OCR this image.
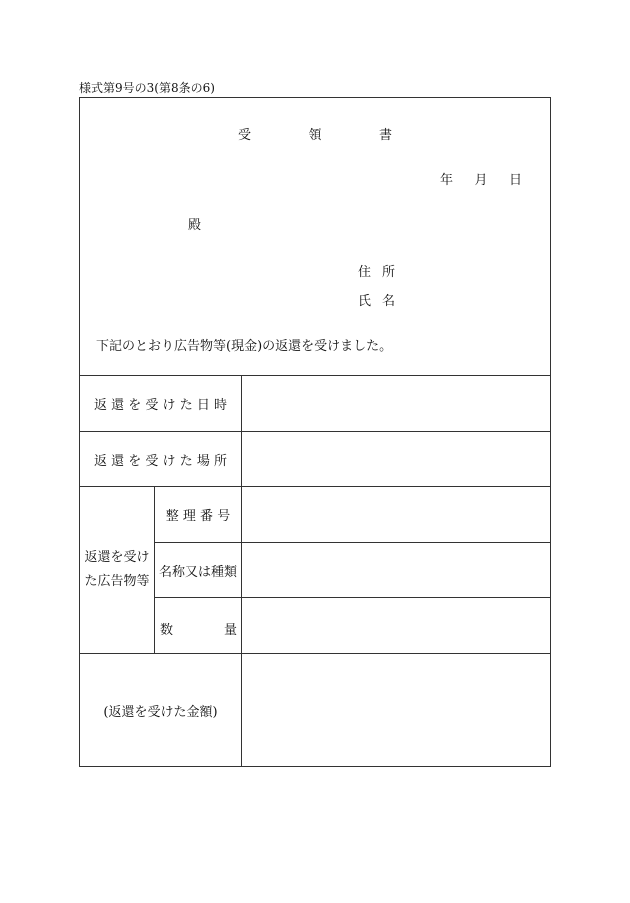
様式第9号の3(第8条の6)
受	領	書
年 月 日
殿
住 所
氏 名
下記のとおり広告物等(現金)の返還を受けました。
返 還 を 受 け た 日 時
返 還 を 受 け た 場 所
返還を受け
た広告物等
整 理 番 号
名称又は種類
数	量
(返還を受けた金額)
